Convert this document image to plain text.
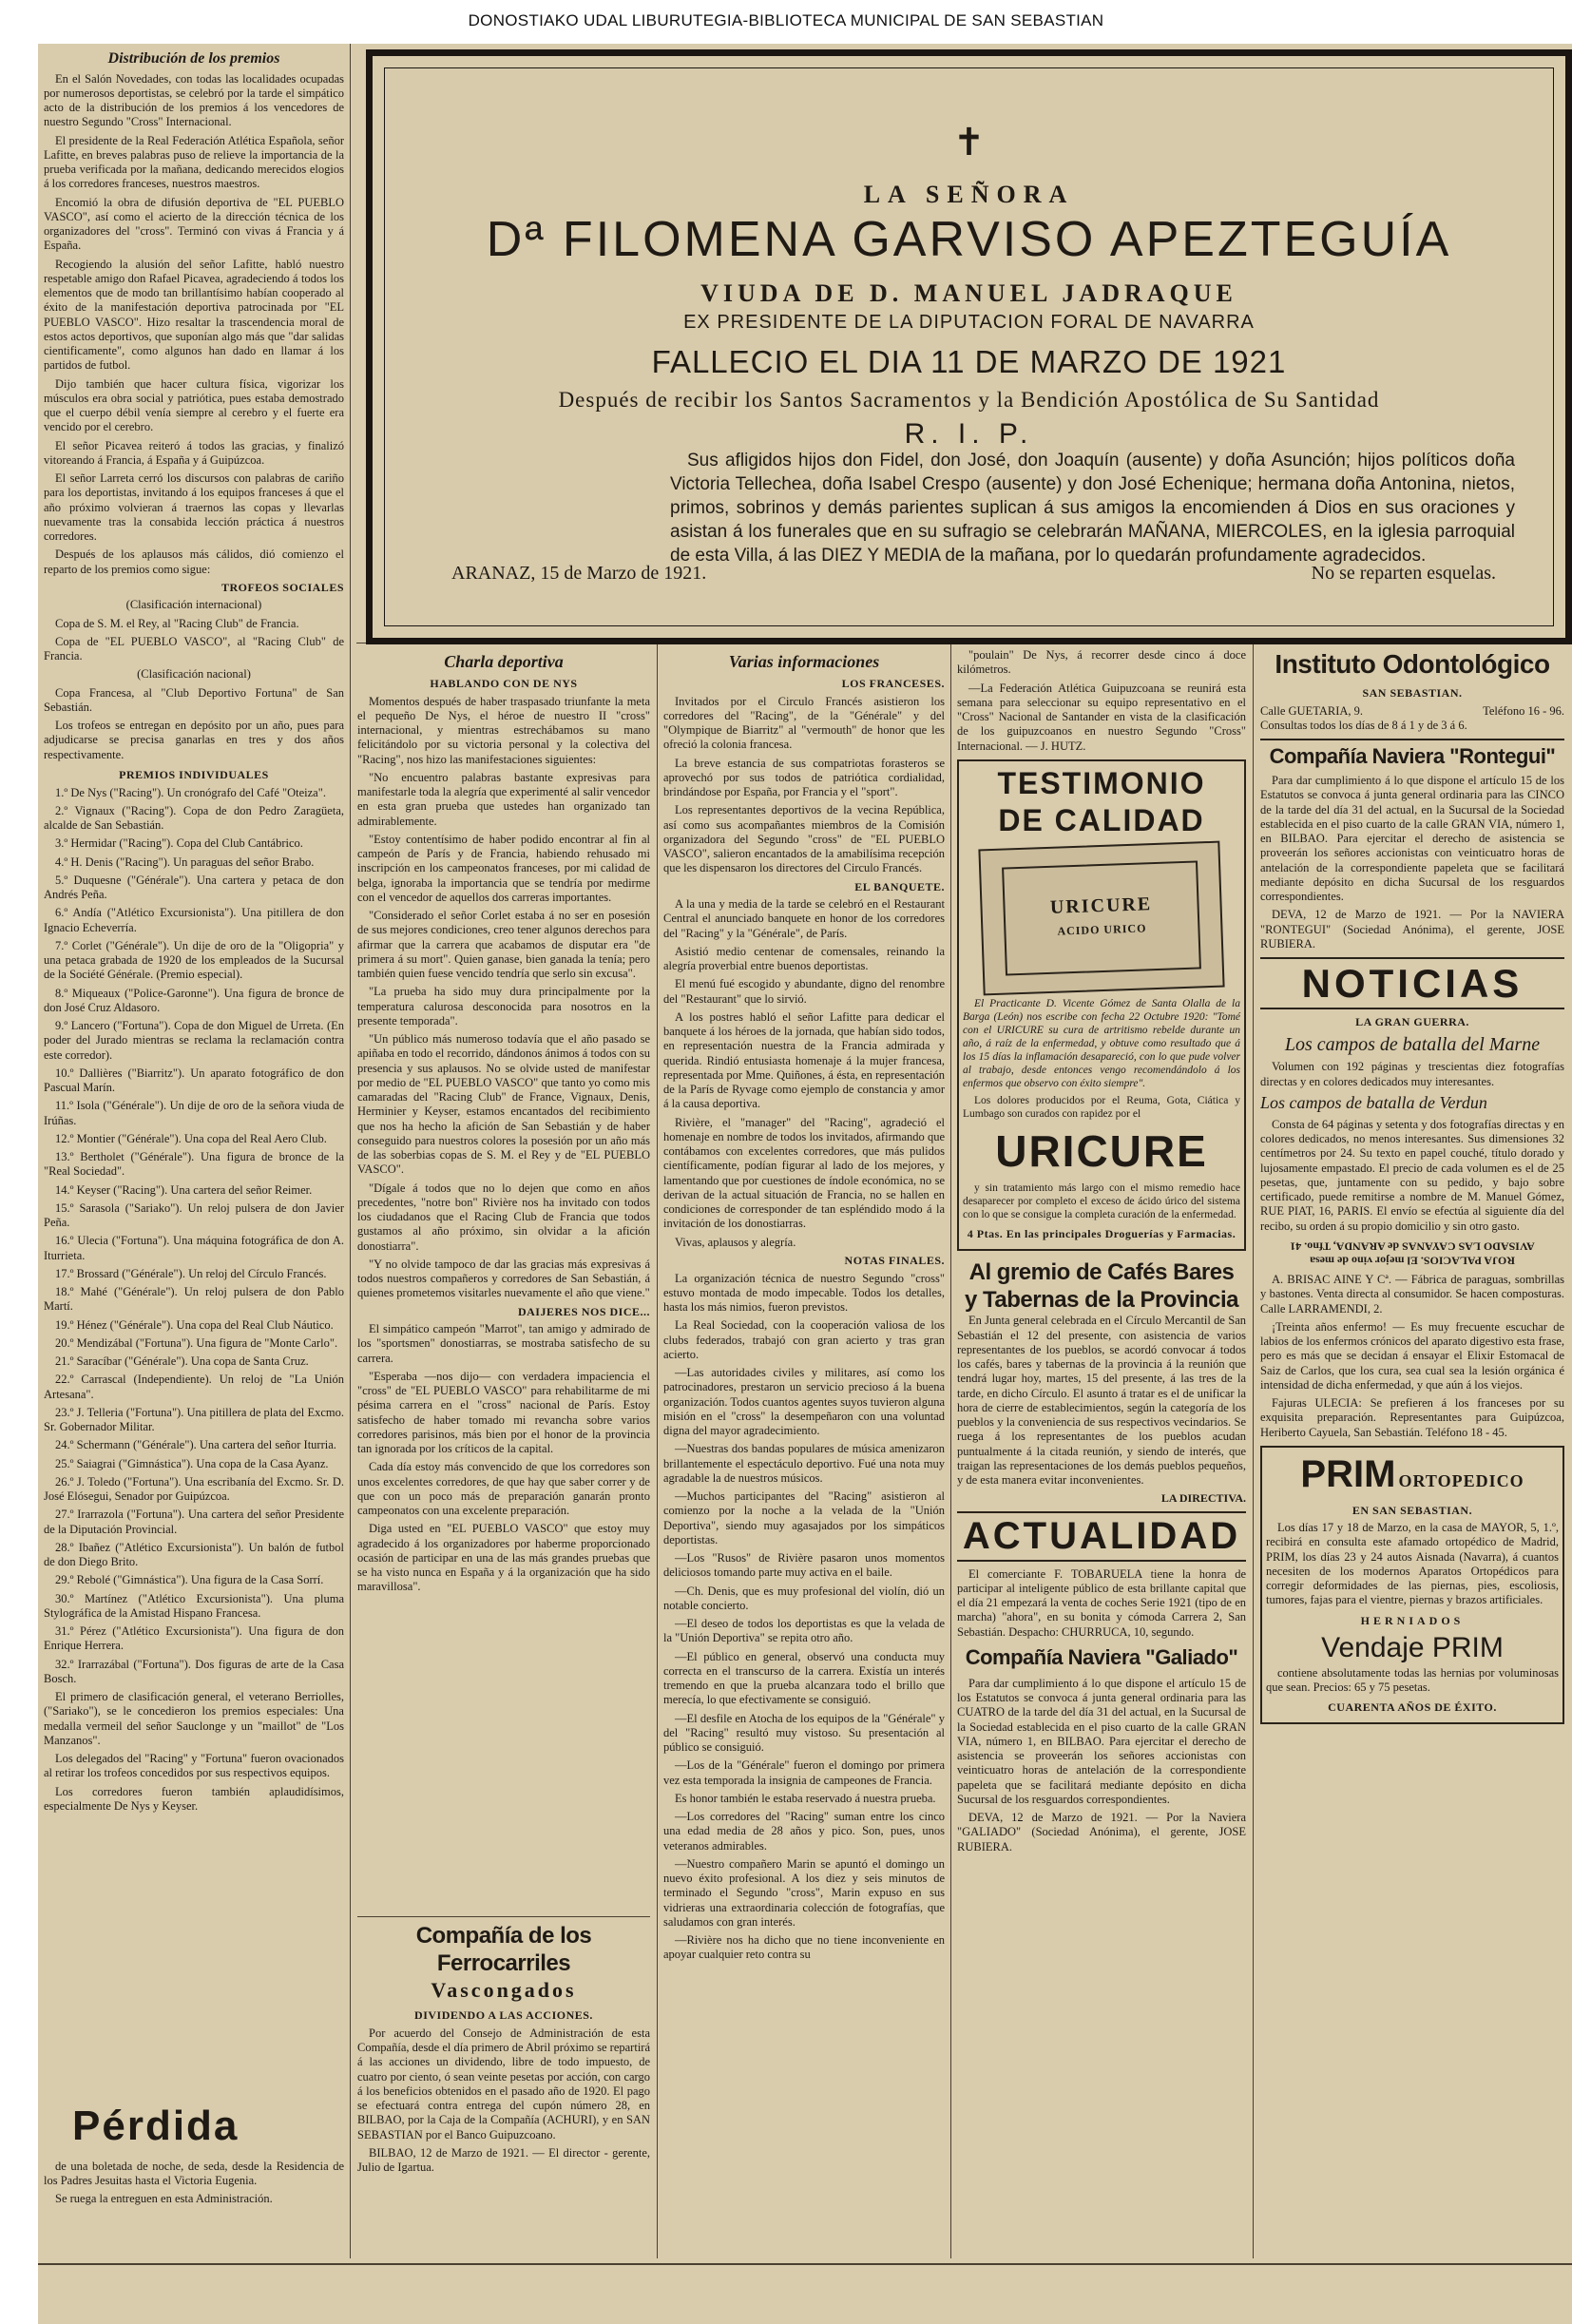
DONOSTIAKO UDAL LIBURUTEGIA-BIBLIOTECA MUNICIPAL DE SAN SEBASTIAN
✝
LA SEÑORA
Dª FILOMENA GARVISO APEZTEGUÍA
VIUDA DE D. MANUEL JADRAQUE
EX PRESIDENTE DE LA DIPUTACION FORAL DE NAVARRA
FALLECIO EL DIA 11 DE MARZO DE 1921
Después de recibir los Santos Sacramentos y la Bendición Apostólica de Su Santidad
R. I. P.
Sus afligidos hijos don Fidel, don José, don Joaquín (ausente) y doña Asunción; hijos políticos doña Victoria Tellechea, doña Isabel Crespo (ausente) y don José Echenique; hermana doña Antonina, nietos, primos, sobrinos y demás parientes suplican á sus amigos la encomienden á Dios en sus oraciones y asistan á los funerales que en su sufragio se celebrarán MAÑANA, MIERCOLES, en la iglesia parroquial de esta Villa, á las DIEZ Y MEDIA de la mañana, por lo quedarán profundamente agradecidos.
ARANAZ, 15 de Marzo de 1921.	No se reparten esquelas.
Distribución de los premios

En el Salón Novedades, con todas las localidades ocupadas por numerosos deportistas, se celebró por la tarde el simpático acto de la distribución de los premios á los vencedores de nuestro Segundo "Cross" Internacional.

El presidente de la Real Federación Atlética Española, señor Lafitte, en breves palabras puso de relieve la importancia de la prueba verificada por la mañana, dedicando merecidos elogios á los corredores franceses, nuestros maestros.

Encomió la obra de difusión deportiva de "EL PUEBLO VASCO", así como el acierto de la dirección técnica de los organizadores del "cross". Terminó con vivas á Francia y á España.

Recogiendo la alusión del señor Lafitte, habló nuestro respetable amigo don Rafael Picavea, agradeciendo á todos los elementos que de modo tan brillantísimo habían cooperado al éxito de la manifestación deportiva patrocinada por "EL PUEBLO VASCO". Hizo resaltar la trascendencia moral de estos actos deportivos, que suponían algo más que "dar salidas cientificamente", como algunos han dado en llamar á los partidos de futbol.

Dijo también que hacer cultura física, vigorizar los músculos era obra social y patriótica, pues estaba demostrado que el cuerpo débil venía siempre al cerebro y el fuerte era vencido por el cerebro.

El señor Picavea reiteró á todos las gracias, y finalizó vitoreando á Francia, á España y á Guipúzcoa.

El señor Larreta cerró los discursos con palabras de cariño para los deportistas, invitando á los equipos franceses á que el año próximo volvieran á traernos las copas y llevarlas nuevamente tras la consabida lección práctica á nuestros corredores.

Después de los aplausos más cálidos, dió comienzo el reparto de los premios como sigue:

TROFEOS SOCIALES

(Clasificación internacional)

Copa de S. M. el Rey, al "Racing Club" de Francia.

Copa de "EL PUEBLO VASCO", al "Racing Club" de Francia.

(Clasificación nacional)

Copa Francesa, al "Club Deportivo Fortuna" de San Sebastián.

Los trofeos se entregan en depósito por un año, pues para adjudicarse se precisa ganarlas en tres y dos años respectivamente.

PREMIOS INDIVIDUALES

1.º De Nys ("Racing"). Un cronógrafo del Café "Oteiza".

2.º Vignaux ("Racing"). Copa de don Pedro Zaragüeta, alcalde de San Sebastián.

3.º Hermidar ("Racing"). Copa del Club Cantábrico.

4.º H. Denis ("Racing"). Un paraguas del señor Brabo.

5.º Duquesne ("Générale"). Una cartera y petaca de don Andrés Peña.

6.º Andía ("Atlético Excursionista"). Una pitillera de don Ignacio Echeverría.

7.º Corlet ("Générale"). Un dije de oro de la "Oligopria" y una petaca grabada de 1920 de los empleados de la Sucursal de la Société Générale. (Premio especial).

8.º Miqueaux ("Police-Garonne"). Una figura de bronce de don José Cruz Aldasoro.

9.º Lancero ("Fortuna"). Copa de don Miguel de Urreta. (En poder del Jurado mientras se reclama la reclamación contra este corredor).

10.º Dallières ("Biarritz"). Un aparato fotográfico de don Pascual Marín.

11.º Isola ("Générale"). Un dije de oro de la señora viuda de Irúñas.

12.º Montier ("Générale"). Una copa del Real Aero Club.

13.º Bertholet ("Générale"). Una figura de bronce de la "Real Sociedad".

14.º Keyser ("Racing"). Una cartera del señor Reimer.

15.º Sarasola ("Sariako"). Un reloj pulsera de don Javier Peña.

16.º Ulecia ("Fortuna"). Una máquina fotográfica de don A. Iturrieta.

17.º Brossard ("Générale"). Un reloj del Círculo Francés.

18.º Mahé ("Générale"). Un reloj pulsera de don Pablo Martí.

19.º Hénez ("Générale"). Una copa del Real Club Náutico.

20.º Mendizábal ("Fortuna"). Una figura de "Monte Carlo".

21.º Saracíbar ("Générale"). Una copa de Santa Cruz.

22.º Carrascal (Independiente). Un reloj de "La Unión Artesana".

23.º J. Telleria ("Fortuna"). Una pitillera de plata del Excmo. Sr. Gobernador Militar.

24.º Schermann ("Générale"). Una cartera del señor Iturria.

25.º Saiagrai ("Gimnástica"). Una copa de la Casa Ayanz.

26.º J. Toledo ("Fortuna"). Una escribanía del Excmo. Sr. D. José Elósegui, Senador por Guipúzcoa.

27.º Irarrazola ("Fortuna"). Una cartera del señor Presidente de la Diputación Provincial.

28.º Ibañez ("Atlético Excursionista"). Un balón de futbol de don Diego Brito.

29.º Rebolé ("Gimnástica"). Una figura de la Casa Sorrí.

30.º Martínez ("Atlético Excursionista"). Una pluma Stylográfica de la Amistad Hispano Francesa.

31.º Pérez ("Atlético Excursionista"). Una figura de don Enrique Herrera.

32.º Irarrazábal ("Fortuna"). Dos figuras de arte de la Casa Bosch.

El primero de clasificación general, el veterano Berriolles, ("Sariako"), se le concedieron los premios especiales: Una medalla vermeil del señor Sauclonge y un "maillot" de "Los Manzanos".

Los delegados del "Racing" y "Fortuna" fueron ovacionados al retirar los trofeos concedidos por sus respectivos equipos.

Los corredores fueron también aplaudidísimos, especialmente De Nys y Keyser.

Pérdida

de una boletada de noche, de seda, desde la Residencia de los Padres Jesuitas hasta el Victoria Eugenia.

Se ruega la entreguen en esta Administración.

Charla deportiva
HABLANDO CON DE NYS

Momentos después de haber traspasado triunfante la meta el pequeño De Nys, el héroe de nuestro II "cross" internacional, y mientras estrechábamos su mano felicitándolo por su victoria personal y la colectiva del "Racing", nos hizo las manifestaciones siguientes:

"No encuentro palabras bastante expresivas para manifestarle toda la alegría que experimenté al salir vencedor en esta gran prueba que ustedes han organizado tan admirablemente.

"Estoy contentísimo de haber podido encontrar al fin al campeón de París y de Francia, habiendo rehusado mi inscripción en los campeonatos franceses, por mi calidad de belga, ignoraba la importancia que se tendría por medirme con el vencedor de aquellos dos carreras importantes.

"Considerado el señor Corlet estaba á no ser en posesión de sus mejores condiciones, creo tener algunos derechos para afirmar que la carrera que acabamos de disputar era "de primera á su mort". Quien ganase, bien ganada la tenía; pero también quien fuese vencido tendría que serlo sin excusa".

"La prueba ha sido muy dura principalmente por la temperatura calurosa desconocida para nosotros en la presente temporada".

"Un público más numeroso todavía que el año pasado se apiñaba en todo el recorrido, dándonos ánimos á todos con su presencia y sus aplausos. No se olvide usted de manifestar por medio de "EL PUEBLO VASCO" que tanto yo como mis camaradas del "Racing Club" de France, Vignaux, Denis, Herminier y Keyser, estamos encantados del recibimiento que nos ha hecho la afición de San Sebastián y de haber conseguido para nuestros colores la posesión por un año más de las soberbias copas de S. M. el Rey y de "EL PUEBLO VASCO".

"Dígale á todos que no lo dejen que como en años precedentes, "notre bon" Rivière nos ha invitado con todos los ciudadanos que el Racing Club de Francia que todos gustamos al año próximo, sin olvidar a la afición donostiarra".

"Y no olvide tampoco de dar las gracias más expresivas á todos nuestros compañeros y corredores de San Sebastián, á quienes prometemos visitarles nuevamente el año que viene."

DAIJERES NOS DICE...

El simpático campeón "Marrot", tan amigo y admirado de los "sportsmen" donostiarras, se mostraba satisfecho de su carrera.

"Esperaba —nos dijo— con verdadera impaciencia el "cross" de "EL PUEBLO VASCO" para rehabilitarme de mi pésima carrera en el "cross" nacional de París. Estoy satisfecho de haber tomado mi revancha sobre varios corredores parisinos, más bien por el honor de la provincia tan ignorada por los críticos de la capital.

Cada día estoy más convencido de que los corredores son unos excelentes corredores, de que hay que saber correr y de que con un poco más de preparación ganarán pronto campeonatos con una excelente preparación.

Diga usted en "EL PUEBLO VASCO" que estoy muy agradecido á los organizadores por haberme proporcionado ocasión de participar en una de las más grandes pruebas que se ha visto nunca en España y á la organización que ha sido maravillosa".

Compañía de los Ferrocarriles
Vascongados
DIVIDENDO A LAS ACCIONES.

Por acuerdo del Consejo de Administración de esta Compañía, desde el día primero de Abril próximo se repartirá á las acciones un dividendo, libre de todo impuesto, de cuatro por ciento, ó sean veinte pesetas por acción, con cargo á los beneficios obtenidos en el pasado año de 1920. El pago se efectuará contra entrega del cupón número 28, en BILBAO, por la Caja de la Compañía (ACHURI), y en SAN SEBASTIAN por el Banco Guipuzcoano.

BILBAO, 12 de Marzo de 1921. — El director - gerente, Julio de Igartua.

Varias informaciones
LOS FRANCESES.

Invitados por el Circulo Francés asistieron los corredores del "Racing", de la "Générale" y del "Olympique de Biarritz" al "vermouth" de honor que les ofreció la colonia francesa.

La breve estancia de sus compatriotas forasteros se aprovechó por sus todos de patriótica cordialidad, brindándose por España, por Francia y el "sport".

Los representantes deportivos de la vecina República, así como sus acompañantes miembros de la Comisión organizadora del Segundo "cross" de "EL PUEBLO VASCO", salieron encantados de la amabilísima recepción que les dispensaron los directores del Circulo Francés.

EL BANQUETE.

A la una y media de la tarde se celebró en el Restaurant Central el anunciado banquete en honor de los corredores del "Racing" y la "Générale", de París.

Asistió medio centenar de comensales, reinando la alegría proverbial entre buenos deportistas.

El menú fué escogido y abundante, digno del renombre del "Restaurant" que lo sirvió.

A los postres habló el señor Lafitte para dedicar el banquete á los héroes de la jornada, que habían sido todos, en representación nuestra de la Francia admirada y querida. Rindió entusiasta homenaje á la mujer francesa, representada por Mme. Quiñones, á ésta, en representación de la París de Ryvage como ejemplo de constancia y amor á la causa deportiva.

Rivière, el "manager" del "Racing", agradeció el homenaje en nombre de todos los invitados, afirmando que contábamos con excelentes corredores, que más pulidos científicamente, podían figurar al lado de los mejores, y lamentando que por cuestiones de índole económica, no se derivan de la actual situación de Francia, no se hallen en condiciones de corresponder de tan espléndido modo á la invitación de los donostiarras.

Vivas, aplausos y alegría.

NOTAS FINALES.

La organización técnica de nuestro Segundo "cross" estuvo montada de modo impecable. Todos los detalles, hasta los más nimios, fueron previstos.

La Real Sociedad, con la cooperación valiosa de los clubs federados, trabajó con gran acierto y tras gran acierto.

—Las autoridades civiles y militares, así como los patrocinadores, prestaron un servicio precioso á la buena organización. Todos cuantos agentes suyos tuvieron alguna misión en el "cross" la desempeñaron con una voluntad digna del mayor agradecimiento.

—Nuestras dos bandas populares de música amenizaron brillantemente el espectáculo deportivo. Fué una nota muy agradable la de nuestros músicos.

—Muchos participantes del "Racing" asistieron al comienzo por la noche a la velada de la "Unión Deportiva", siendo muy agasajados por los simpáticos deportistas.

—Los "Rusos" de Rivière pasaron unos momentos deliciosos tomando parte muy activa en el baile.

—Ch. Denis, que es muy profesional del violín, dió un notable concierto.

—El deseo de todos los deportistas es que la velada de la "Unión Deportiva" se repita otro año.

—El público en general, observó una conducta muy correcta en el transcurso de la carrera. Existía un interés tremendo en que la prueba alcanzara todo el brillo que merecía, lo que efectivamente se consiguió.

—El desfile en Atocha de los equipos de la "Générale" y del "Racing" resultó muy vistoso. Su presentación al público se consiguió.

—Los de la "Générale" fueron el domingo por primera vez esta temporada la insignia de campeones de Francia.

Es honor también le estaba reservado á nuestra prueba.

—Los corredores del "Racing" suman entre los cinco una edad media de 28 años y pico. Son, pues, unos veteranos admirables.

—Nuestro compañero Marin se apuntó el domingo un nuevo éxito profesional. A los diez y seis minutos de terminado el Segundo "cross", Marin expuso en sus vidrieras una extraordinaria colección de fotografías, que saludamos con gran interés.

—Rivière nos ha dicho que no tiene inconveniente en apoyar cualquier reto contra su

"poulain" De Nys, á recorrer desde cinco á doce kilómetros.

—La Federación Atlética Guipuzcoana se reunirá esta semana para seleccionar su equipo representativo en el "Cross" Nacional de Santander en vista de la clasificación de los guipuzcoanos en nuestro Segundo "Cross" Internacional. — J. HUTZ.

TESTIMONIO
DE CALIDAD
URICURE
ACIDO URICO

El Practicante D. Vicente Gómez de Santa Olalla de la Barga (León) nos escribe con fecha 22 Octubre 1920: "Tomé con el URICURE su cura de artritismo rebelde durante un año, á raíz de la enfermedad, y obtuve como resultado que á los 15 días la inflamación desapareció, con lo que pude volver al trabajo, desde entonces vengo recomendándolo á los enfermos que observo con éxito siempre".

Los dolores producidos por el Reuma, Gota, Ciática y Lumbago son curados con rapidez por el

URICURE

y sin tratamiento más largo con el mismo remedio hace desaparecer por completo el exceso de ácido úrico del sistema con lo que se consigue la completa curación de la enfermedad.

4 Ptas. En las principales Droguerías y Farmacias.
Al gremio de Cafés Bares
y Tabernas de la Provincia

En Junta general celebrada en el Círculo Mercantil de San Sebastián el 12 del presente, con asistencia de varios representantes de los pueblos, se acordó convocar á todos los cafés, bares y tabernas de la provincia á la reunión que tendrá lugar hoy, martes, 15 del presente, á las tres de la tarde, en dicho Círculo. El asunto á tratar es el de unificar la hora de cierre de establecimientos, según la categoría de los pueblos y la conveniencia de sus respectivos vecindarios. Se ruega á los representantes de los pueblos acudan puntualmente á la citada reunión, y siendo de interés, que traigan las representaciones de los demás pueblos pequeños, y de esta manera evitar inconvenientes.

LA DIRECTIVA.
ACTUALIDAD

El comerciante F. TOBARUELA tiene la honra de participar al inteligente público de esta brillante capital que el día 21 empezará la venta de coches Serie 1921 (tipo de en marcha) "ahora", en su bonita y cómoda Carrera 2, San Sebastián. Despacho: CHURRUCA, 10, segundo.

Compañía Naviera "Galiado"

Para dar cumplimiento á lo que dispone el artículo 15 de los Estatutos se convoca á junta general ordinaria para las CUATRO de la tarde del día 31 del actual, en la Sucursal de la Sociedad establecida en el piso cuarto de la calle GRAN VIA, número 1, en BILBAO. Para ejercitar el derecho de asistencia se proveerán los señores accionistas con veinticuatro horas de antelación de la correspondiente papeleta que se facilitará mediante depósito en dicha Sucursal de los resguardos correspondientes.

DEVA, 12 de Marzo de 1921. — Por la Naviera "GALIADO" (Sociedad Anónima), el gerente, JOSE RUBIERA.

Instituto Odontológico
SAN SEBASTIAN.
Calle GUETARIA, 9.	Teléfono 16 - 96.
Consultas todos los días de 8 á 1 y de 3 á 6.
Compañía Naviera "Rontegui"

Para dar cumplimiento á lo que dispone el artículo 15 de los Estatutos se convoca á junta general ordinaria para las CINCO de la tarde del día 31 del actual, en la Sucursal de la Sociedad establecida en el piso cuarto de la calle GRAN VIA, número 1, en BILBAO. Para ejercitar el derecho de asistencia se proveerán los señores accionistas con veinticuatro horas de antelación de la correspondiente papeleta que se facilitará mediante depósito en dicha Sucursal de los resguardos correspondientes.

DEVA, 12 de Marzo de 1921. — Por la NAVIERA "RONTEGUI" (Sociedad Anónima), el gerente, JOSE RUBIERA.

NOTICIAS
LA GRAN GUERRA.
Los campos de batalla del Marne

Volumen con 192 páginas y trescientas diez fotografías directas y en colores dedicados muy interesantes.

Los campos de batalla de Verdun

Consta de 64 páginas y setenta y dos fotografías directas y en colores dedicados, no menos interesantes. Sus dimensiones 32 centímetros por 24. Su texto en papel couché, título dorado y lujosamente empastado. El precio de cada volumen es el de 25 pesetas, que, juntamente con su pedido, y bajo sobre certificado, puede remitirse a nombre de M. Manuel Gómez, RUE PIAT, 16, PARIS. El envío se efectúa al siguiente día del recibo, su orden á su propio domicilio y sin otro gasto.

ROJA PALACIOS. El mejor vino de mesa
AVISADO LAS CAYANAS de ARANDA, Tfno. 41

A. BRISAC AINE Y Cª. — Fábrica de paraguas, sombrillas y bastones. Venta directa al consumidor. Se hacen composturas. Calle LARRAMENDI, 2.

¡Treinta años enfermo! — Es muy frecuente escuchar de labios de los enfermos crónicos del aparato digestivo esta frase, pero es más que se decidan á ensayar el Elixir Estomacal de Saiz de Carlos, que los cura, sea cual sea la lesión orgánica é intensidad de dicha enfermedad, y que aún á los viejos.

Fajuras ULECIA: Se prefieren á los franceses por su exquisita preparación. Representantes para Guipúzcoa, Heriberto Cayuela, San Sebastián. Teléfono 18 - 45.

PRIM ORTOPEDICO
EN SAN SEBASTIAN.

Los días 17 y 18 de Marzo, en la casa de MAYOR, 5, 1.º, recibirá en consulta este afamado ortopédico de Madrid, PRIM, los días 23 y 24 autos Aisnada (Navarra), á cuantos necesiten de los modernos Aparatos Ortopédicos para corregir deformidades de las piernas, pies, escoliosis, tumores, fajas para el vientre, piernas y brazos artificiales.

HERNIADOS
Vendaje PRIM

contiene absolutamente todas las hernias por voluminosas que sean. Precios: 65 y 75 pesetas.

CUARENTA AÑOS DE ÉXITO.
